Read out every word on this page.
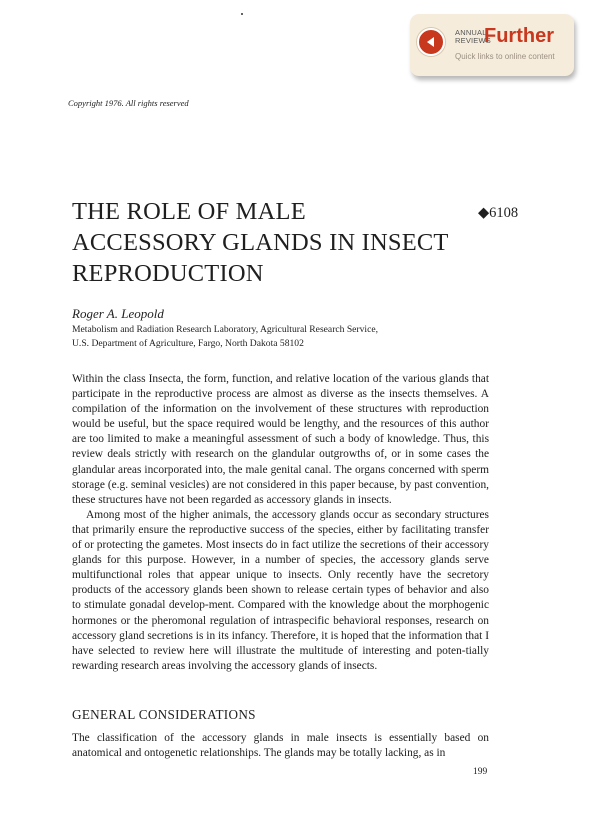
ANNUAL
REVIEWS
Further
Quick links to online content
Copyright 1976. All rights reserved
THE ROLE OF MALE
ACCESSORY GLANDS IN INSECT
REPRODUCTION
◆6108
Roger A. Leopold
Metabolism and Radiation Research Laboratory, Agricultural Research Service,
U.S. Department of Agriculture, Fargo, North Dakota 58102

Within the class Insecta, the form, function, and relative location of the various glands that participate in the reproductive process are almost as diverse as the insects themselves. A compilation of the information on the involvement of these structures with reproduction would be useful, but the space required would be lengthy, and the resources of this author are too limited to make a meaningful assessment of such a body of knowledge. Thus, this review deals strictly with research on the glandular outgrowths of, or in some cases the glandular areas incorporated into, the male genital canal. The organs concerned with sperm storage (e.g. seminal vesicles) are not considered in this paper because, by past convention, these structures have not been regarded as accessory glands in insects.

Among most of the higher animals, the accessory glands occur as secondary structures that primarily ensure the reproductive success of the species, either by facilitating transfer of or protecting the gametes. Most insects do in fact utilize the secretions of their accessory glands for this purpose. However, in a number of species, the accessory glands serve multifunctional roles that appear unique to insects. Only recently have the secretory products of the accessory glands been shown to release certain types of behavior and also to stimulate gonadal develop-ment. Compared with the knowledge about the morphogenic hormones or the pheromonal regulation of intraspecific behavioral responses, research on accessory gland secretions is in its infancy. Therefore, it is hoped that the information that I have selected to review here will illustrate the multitude of interesting and poten-tially rewarding research areas involving the accessory glands of insects.

GENERAL CONSIDERATIONS
The classification of the accessory glands in male insects is essentially based on anatomical and ontogenetic relationships. The glands may be totally lacking, as in
199
